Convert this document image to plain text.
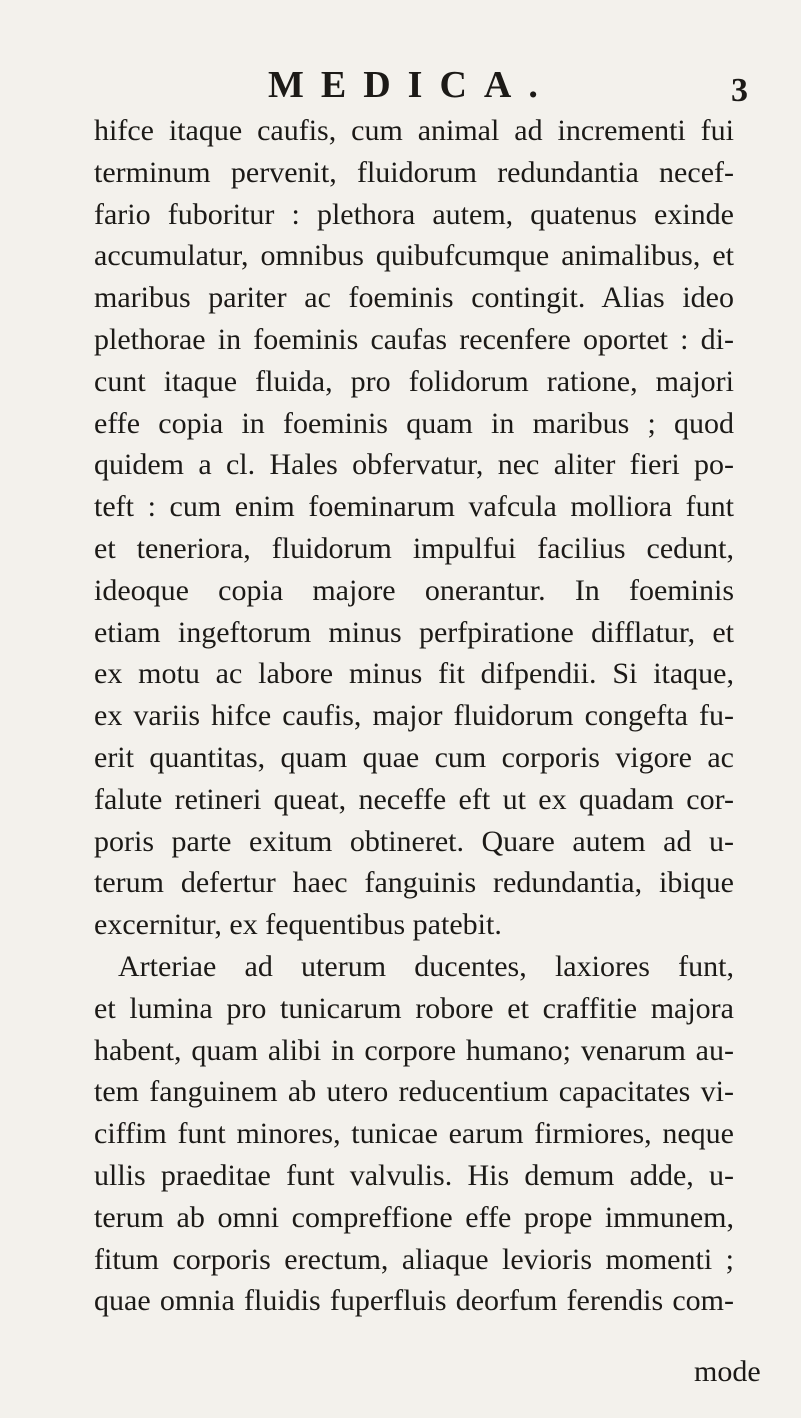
MEDICA.	3
hifce itaque caufis, cum animal ad incrementi fui
terminum pervenit, fluidorum redundantia necef-
fario fuboritur : plethora autem, quatenus exinde
accumulatur, omnibus quibufcumque animalibus, et
maribus pariter ac foeminis contingit. Alias ideo
plethorae in foeminis caufas recenfere oportet : di-
cunt itaque fluida, pro folidorum ratione, majori
effe copia in foeminis quam in maribus ; quod
quidem a cl. Hales obfervatur, nec aliter fieri po-
teft : cum enim foeminarum vafcula molliora funt
et teneriora, fluidorum impulfui facilius cedunt,
ideoque copia majore onerantur. In foeminis
etiam ingeftorum minus perfpiratione difflatur, et
ex motu ac labore minus fit difpendii. Si itaque,
ex variis hifce caufis, major fluidorum congefta fu-
erit quantitas, quam quae cum corporis vigore ac
falute retineri queat, neceffe eft ut ex quadam cor-
poris parte exitum obtineret. Quare autem ad u-
terum defertur haec fanguinis redundantia, ibique
excernitur, ex fequentibus patebit.
Arteriae ad uterum ducentes, laxiores funt,
et lumina pro tunicarum robore et craffitie majora
habent, quam alibi in corpore humano; venarum au-
tem fanguinem ab utero reducentium capacitates vi-
ciffim funt minores, tunicae earum firmiores, neque
ullis praeditae funt valvulis. His demum adde, u-
terum ab omni compreffione effe prope immunem,
fitum corporis erectum, aliaque levioris momenti ;
quae omnia fluidis fuperfluis deorfum ferendis com-
mode
